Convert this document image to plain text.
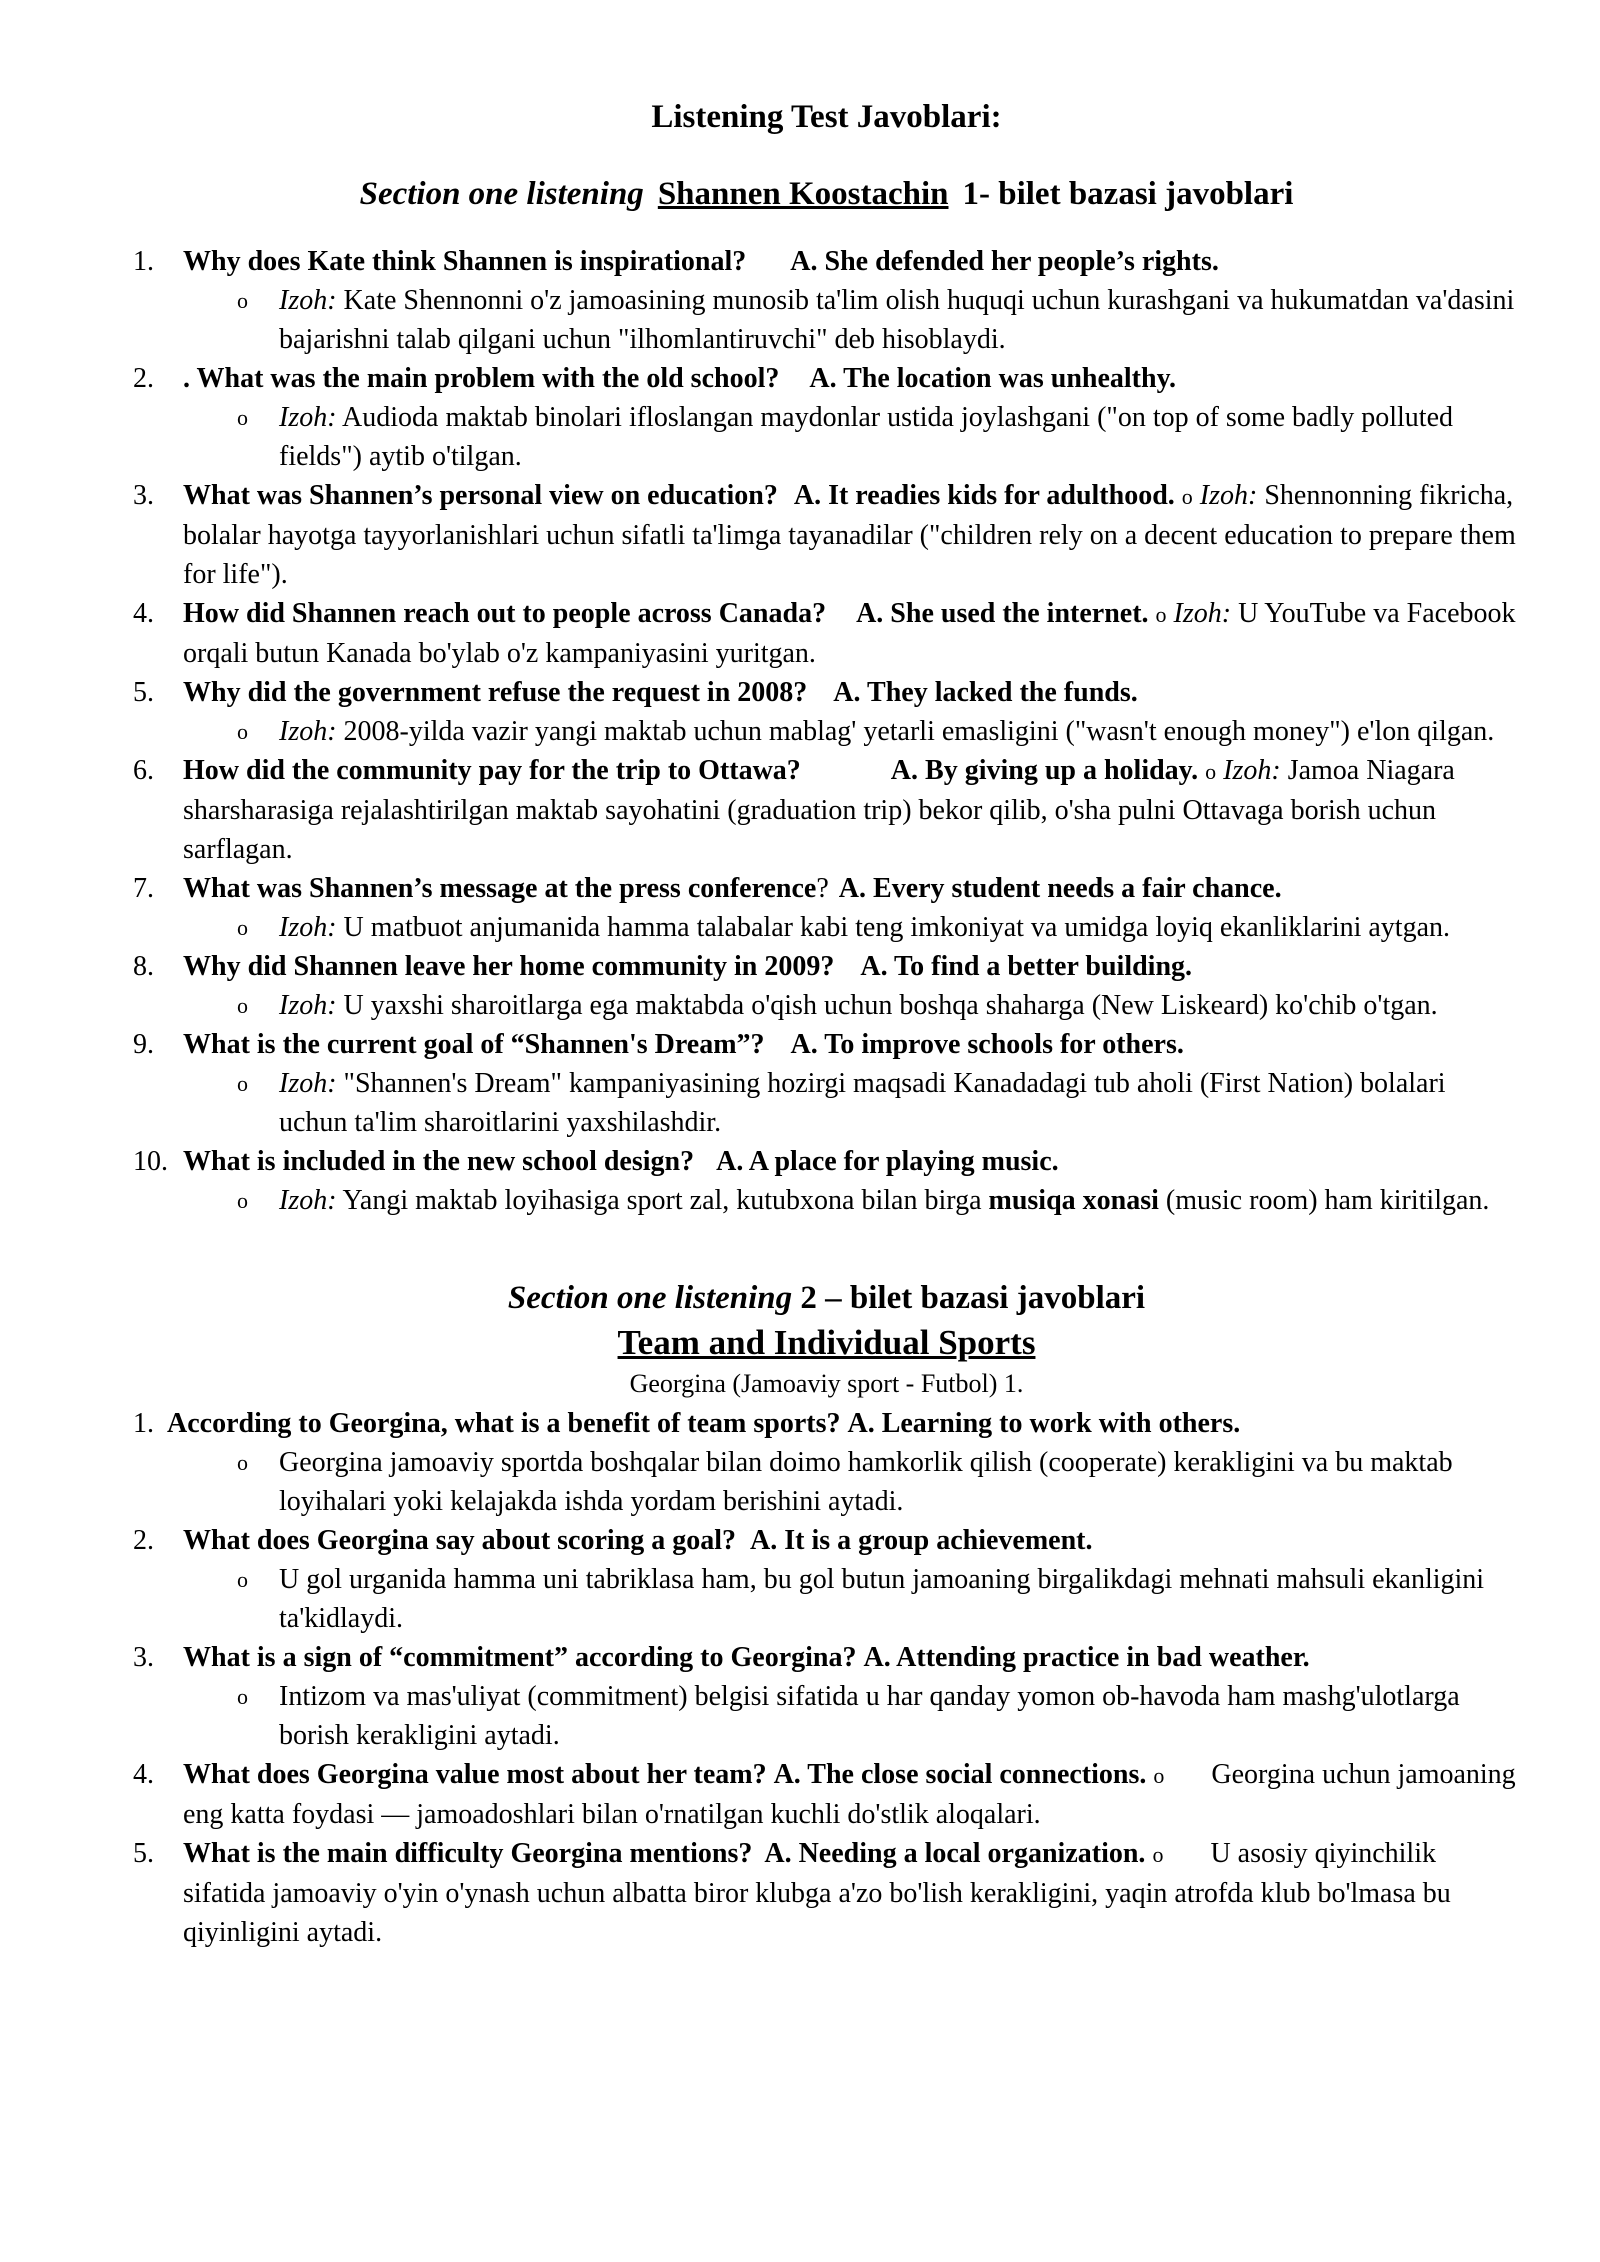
Listening Test Javoblari:
Section one listening Shannen Koostachin 1- bilet bazasi javoblari
1. Why does Kate think Shannen is inspirational? A. She defended her people’s rights.
o Izoh: Kate Shennonni o'z jamoasining munosib ta'lim olish huquqi uchun kurashgani va hukumatdan va'dasini bajarishni talab qilgani uchun "ilhomlantiruvchi" deb hisoblaydi.
2. . What was the main problem with the old school? A. The location was unhealthy.
o Izoh: Audioda maktab binolari ifloslangan maydonlar ustida joylashgani ("on top of some badly polluted fields") aytib o'tilgan.
3. What was Shannen’s personal view on education? A. It readies kids for adulthood. o Izoh: Shennonning fikricha, bolalar hayotga tayyorlanishlari uchun sifatli ta'limga tayanadilar ("children rely on a decent education to prepare them for life").
4. How did Shannen reach out to people across Canada? A. She used the internet. o Izoh: U YouTube va Facebook orqali butun Kanada bo'ylab o'z kampaniyasini yuritgan.
5. Why did the government refuse the request in 2008? A. They lacked the funds.
o Izoh: 2008-yilda vazir yangi maktab uchun mablag' yetarli emasligini ("wasn't enough money") e'lon qilgan.
6. How did the community pay for the trip to Ottawa?	A. By giving up a holiday. o Izoh: Jamoa Niagara sharsharasiga rejalashtirilgan maktab sayohatini (graduation trip) bekor qilib, o'sha pulni Ottavaga borish uchun sarflagan.
7. What was Shannen’s message at the press conference? A. Every student needs a fair chance.
o Izoh: U matbuot anjumanida hamma talabalar kabi teng imkoniyat va umidga loyiq ekanliklarini aytgan.
8. Why did Shannen leave her home community in 2009? A. To find a better building.
o Izoh: U yaxshi sharoitlarga ega maktabda o'qish uchun boshqa shaharga (New Liskeard) ko'chib o'tgan.
9. What is the current goal of “Shannen's Dream”? A. To improve schools for others.
o Izoh: "Shannen's Dream" kampaniyasining hozirgi maqsadi Kanadadagi tub aholi (First Nation) bolalari uchun ta'lim sharoitlarini yaxshilashdir.
10. What is included in the new school design? A. A place for playing music.
o Izoh: Yangi maktab loyihasiga sport zal, kutubxona bilan birga musiqa xonasi (music room) ham kiritilgan.
Section one listening 2 – bilet bazasi javoblari
Team and Individual Sports
Georgina (Jamoaviy sport - Futbol) 1.
1. According to Georgina, what is a benefit of team sports? A. Learning to work with others.
o Georgina jamoaviy sportda boshqalar bilan doimo hamkorlik qilish (cooperate) kerakligini va bu maktab loyihalari yoki kelajakda ishda yordam berishini aytadi.
2. What does Georgina say about scoring a goal? A. It is a group achievement.
o U gol urganida hamma uni tabriklasa ham, bu gol butun jamoaning birgalikdagi mehnati mahsuli ekanligini ta'kidlaydi.
3. What is a sign of “commitment” according to Georgina? A. Attending practice in bad weather.
o Intizom va mas'uliyat (commitment) belgisi sifatida u har qanday yomon ob-havoda ham mashg'ulotlarga borish kerakligini aytadi.
4. What does Georgina value most about her team? A. The close social connections. o Georgina uchun jamoaning eng katta foydasi — jamoadoshlari bilan o'rnatilgan kuchli do'stlik aloqalari.
5. What is the main difficulty Georgina mentions? A. Needing a local organization. o U asosiy qiyinchilik sifatida jamoaviy o'yin o'ynash uchun albatta biror klubga a'zo bo'lish kerakligini, yaqin atrofda klub bo'lmasa bu qiyinligini aytadi.
